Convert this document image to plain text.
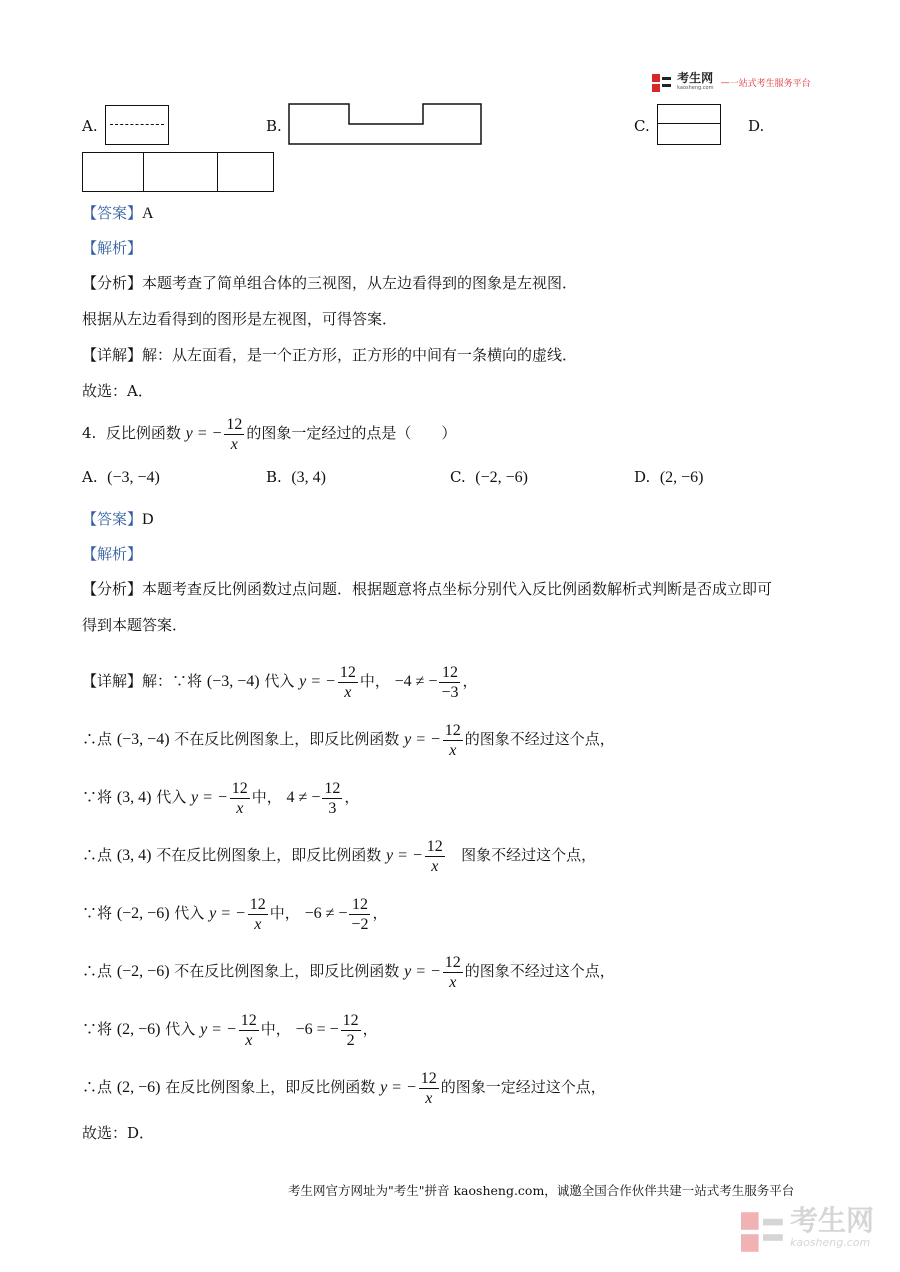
考生网
kaosheng.com —一站式考生服务平台
A.	B.	C.	D.
【答案】A
【解析】
【分析】本题考查了简单组合体的三视图，从左边看得到的图象是左视图．
根据从左边看得到的图形是左视图，可得答案．
【详解】解：从左面看，是一个正方形，正方形的中间有一条横向的虚线．
故选：A．
4. 反比例函数 y = − $\frac{12}{x}$ 的图象一定经过的点是（　　）
A. (−3, −4)	B. (3, 4)	C. (−2, −6)	D. (2, −6)
【答案】D
【解析】
【分析】本题考查反比例函数过点问题．根据题意将点坐标分别代入反比例函数解析式判断是否成立即可
得到本题答案．
【详解】解：∵将 (−3, −4) 代入 y = − $\frac{12}{x}$ 中， −4 ≠ − $\frac{12}{-3}$ ，
∴点 (−3, −4) 不在反比例图象上，即反比例函数 y = − $\frac{12}{x}$ 的图象不经过这个点，
∵将 (3, 4) 代入 y = − $\frac{12}{x}$ 中， 4 ≠ − $\frac{12}{3}$ ，
∴点 (3, 4) 不在反比例图象上，即反比例函数 y = − $\frac{12}{x}$ 图象不经过这个点，
∵将 (−2, −6) 代入 y = − $\frac{12}{x}$ 中， −6 ≠ − $\frac{12}{-2}$ ，
∴点 (−2, −6) 不在反比例图象上，即反比例函数 y = − $\frac{12}{x}$ 的图象不经过这个点，
∵将 (2, −6) 代入 y = − $\frac{12}{x}$ 中， −6 = − $\frac{12}{2}$ ，
∴点 (2, −6) 在反比例图象上，即反比例函数 y = − $\frac{12}{x}$ 的图象一定经过这个点，
故选：D．
考生网官方网址为"考生"拼音 kaosheng.com，诚邀全国合作伙伴共建一站式考生服务平台

考生网
kaosheng.com
